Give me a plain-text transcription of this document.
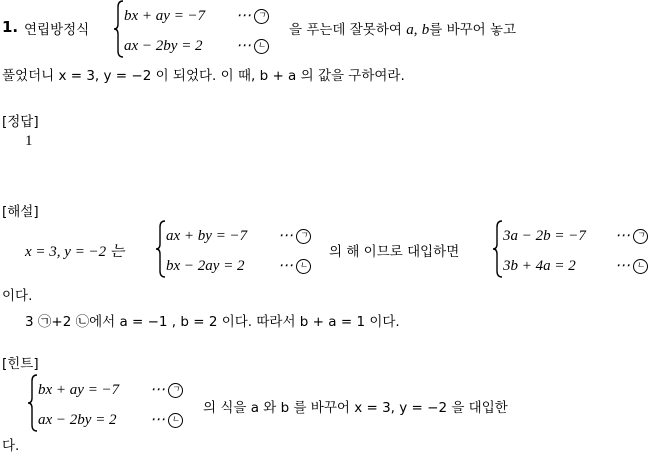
1. 연립방정식
bx + ay = −7 ⋯ ㄱ
ax − 2by = 2 ⋯ ㄴ
을 푸는데 잘못하여 a, b를 바꾸어 놓고
풀었더니 x = 3, y = −2 이 되었다. 이 때, b + a 의 값을 구하여라.
[정답]
1
[해설]
x = 3, y = −2 는
ax + by = −7 ⋯ ㄱ
bx − 2ay = 2 ⋯ ㄴ
의 해 이므로 대입하면
3a − 2b = −7 ⋯ ㄱ
3b + 4a = 2	⋯ ㄴ
이다.
3 ㉠+2 ㉡에서 a = −1 , b = 2 이다. 따라서 b + a = 1 이다.
[힌트]
bx + ay = −7 ⋯ ㄱ
ax − 2by = 2 ⋯ ㄴ
의 식을 a 와 b 를 바꾸어 x = 3, y = −2 을 대입한
다.
